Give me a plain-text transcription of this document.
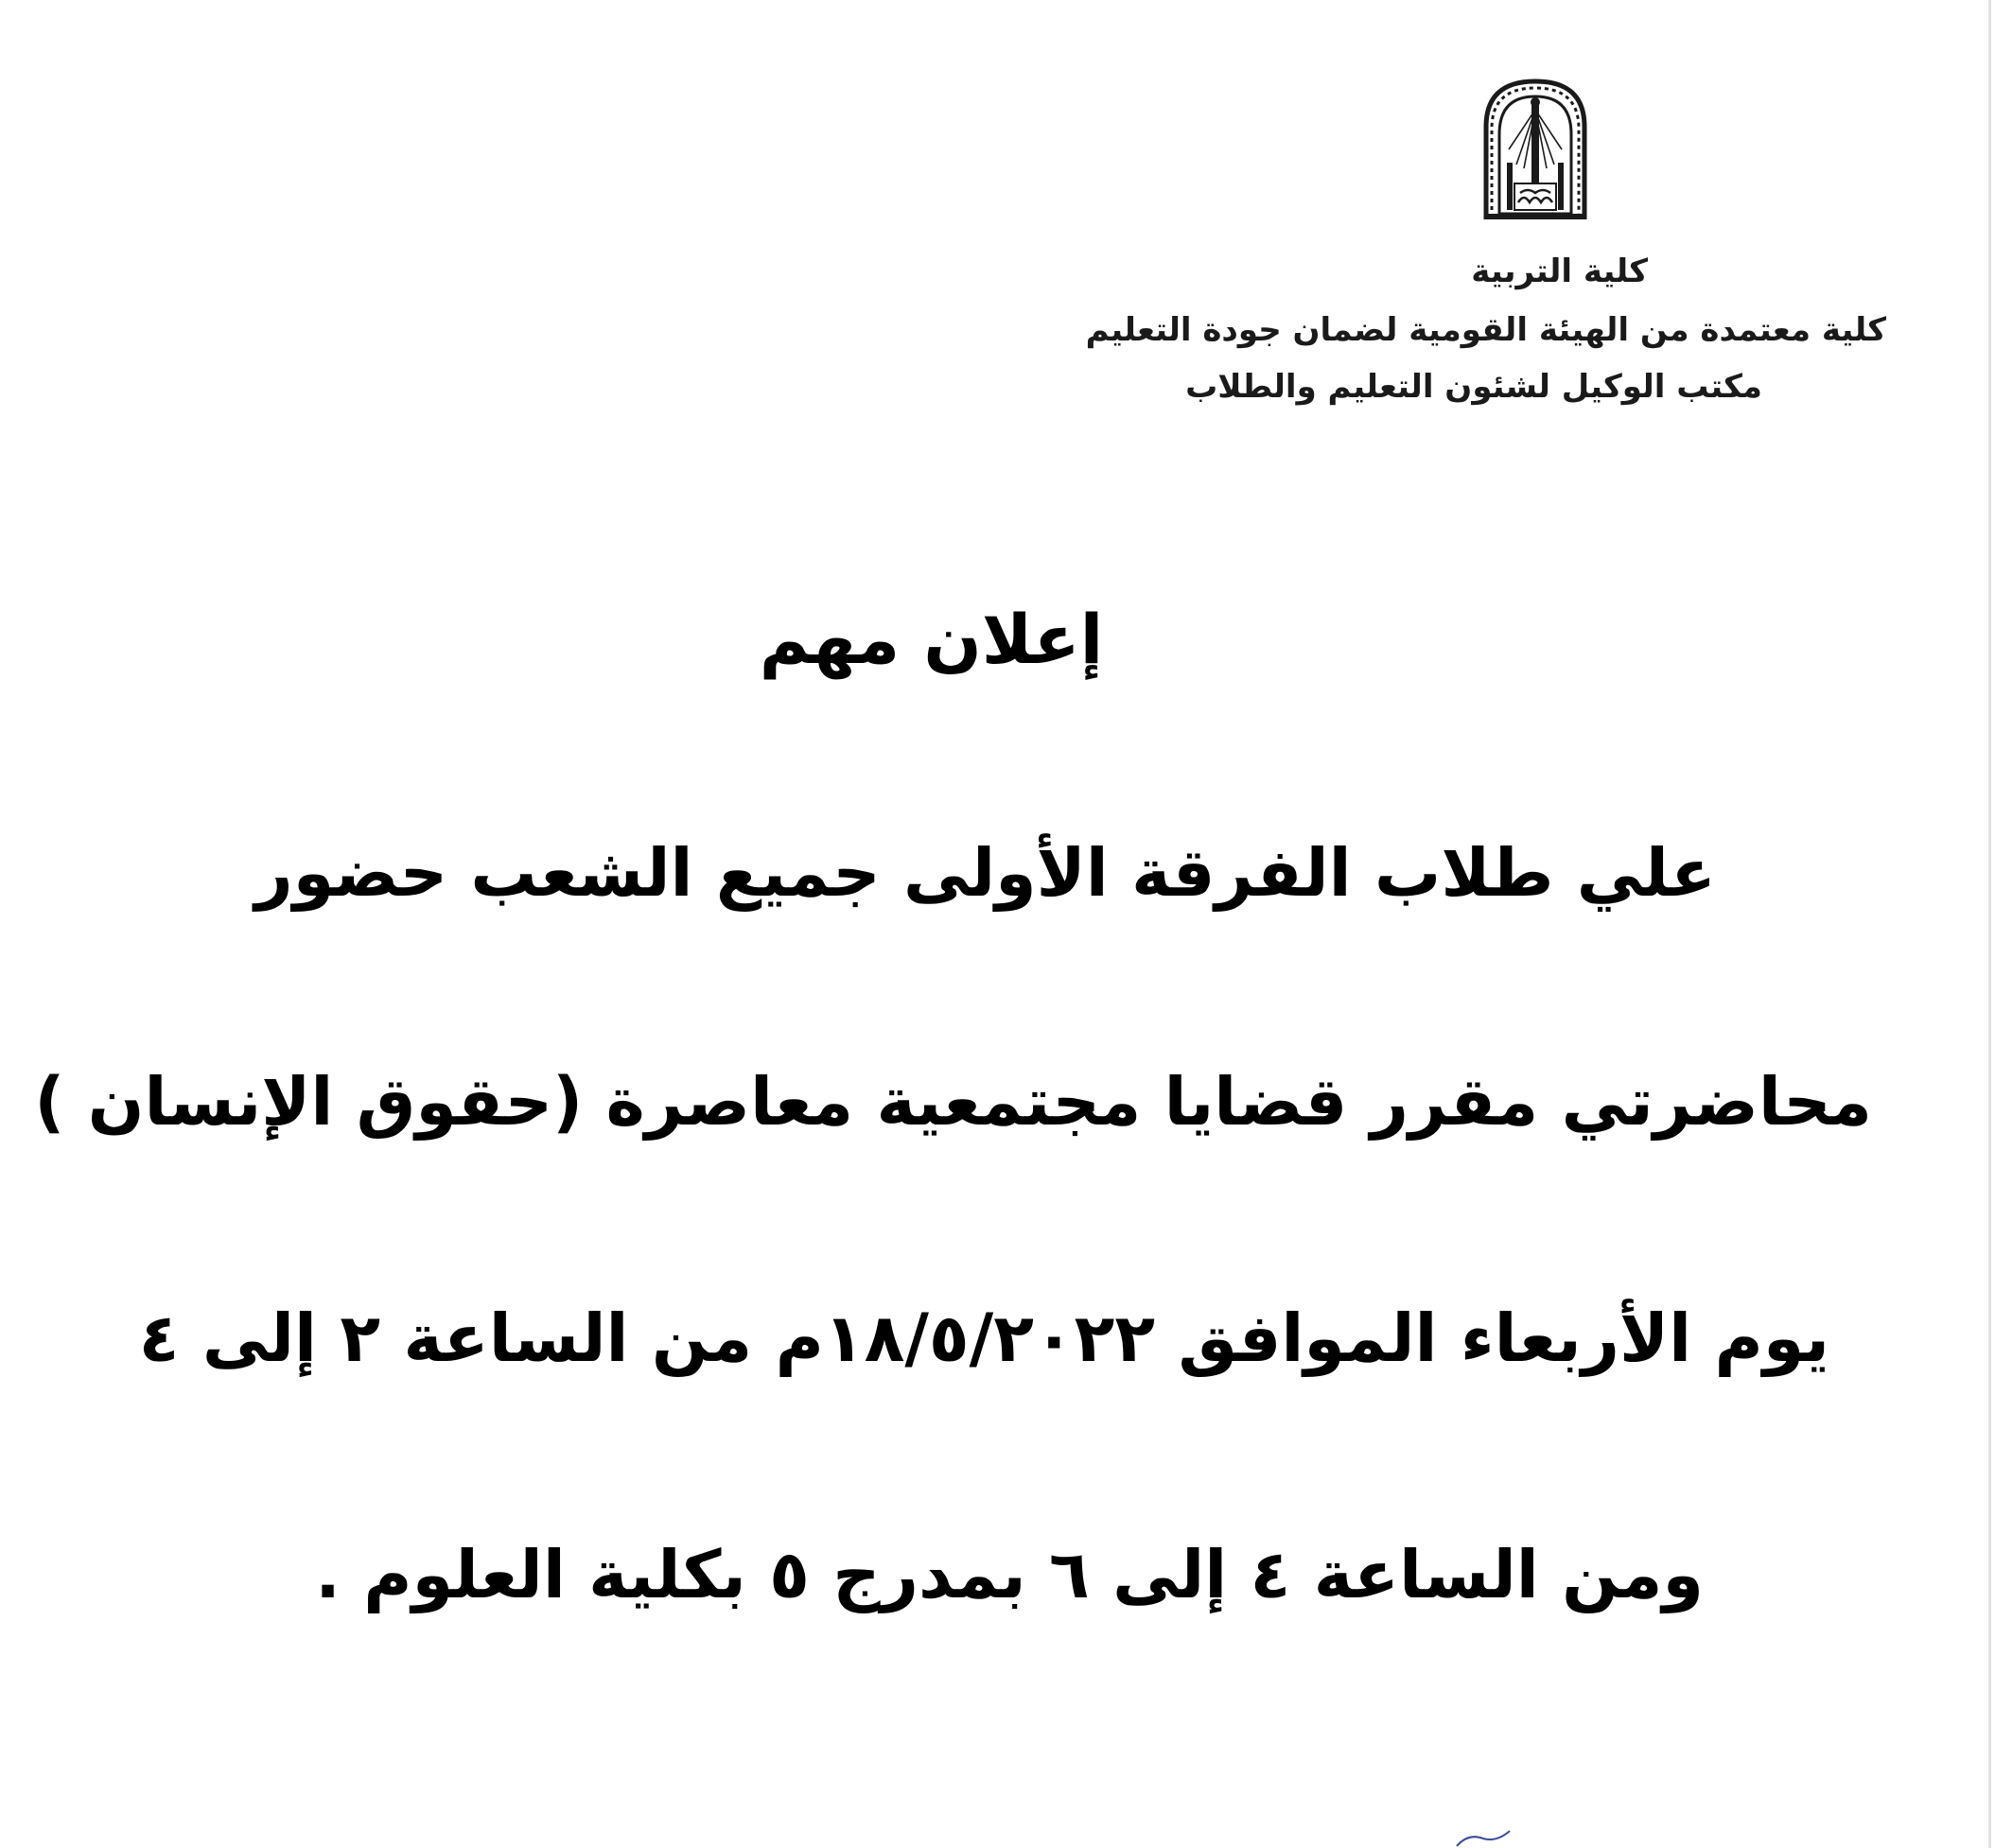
كلية التربية
كلية معتمدة من الهيئة القومية لضمان جودة التعليم
مكتب الوكيل لشئون التعليم والطلاب
إعلان مهم
علي طلاب الفرقة الأولى جميع الشعب حضور
محاضرتي مقرر قضايا مجتمعية معاصرة (حقوق الإنسان )
يوم الأربعاء الموافق ١٨/٥/٢٠٢٢م من الساعة ٢ إلى ٤
ومن الساعة ٤ إلى ٦ بمدرج ٥ بكلية العلوم .
